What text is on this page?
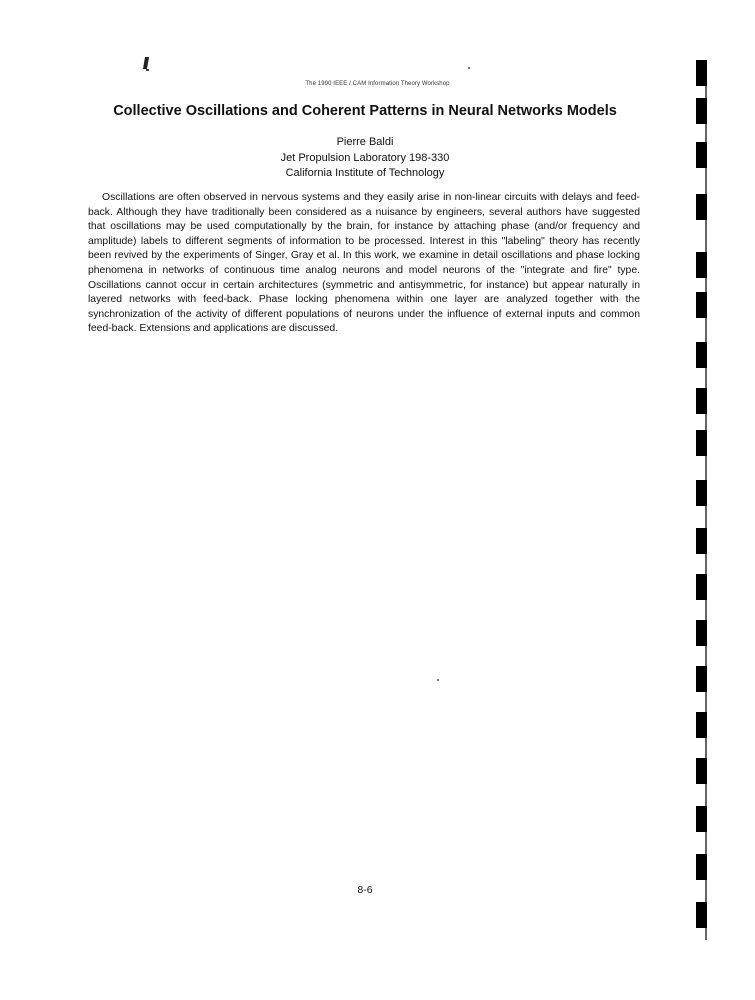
The 1990 IEEE / CAM Information Theory Workshop
Collective Oscillations and Coherent Patterns in Neural Networks Models
Pierre Baldi
Jet Propulsion Laboratory 198-330
California Institute of Technology
Oscillations are often observed in nervous systems and they easily arise in non-linear circuits with delays and feed-back. Although they have traditionally been considered as a nuisance by engineers, several authors have suggested that oscillations may be used computationally by the brain, for instance by attaching phase (and/or frequency and amplitude) labels to different segments of information to be processed. Interest in this "labeling" theory has recently been revived by the experiments of Singer, Gray et al. In this work, we examine in detail oscillations and phase locking phenomena in networks of continuous time analog neurons and model neurons of the "integrate and fire" type. Oscillations cannot occur in certain architectures (symmetric and antisymmetric, for instance) but appear naturally in layered networks with feed-back. Phase locking phenomena within one layer are analyzed together with the synchronization of the activity of different populations of neurons under the influence of external inputs and common feed-back. Extensions and applications are discussed.
8-6
